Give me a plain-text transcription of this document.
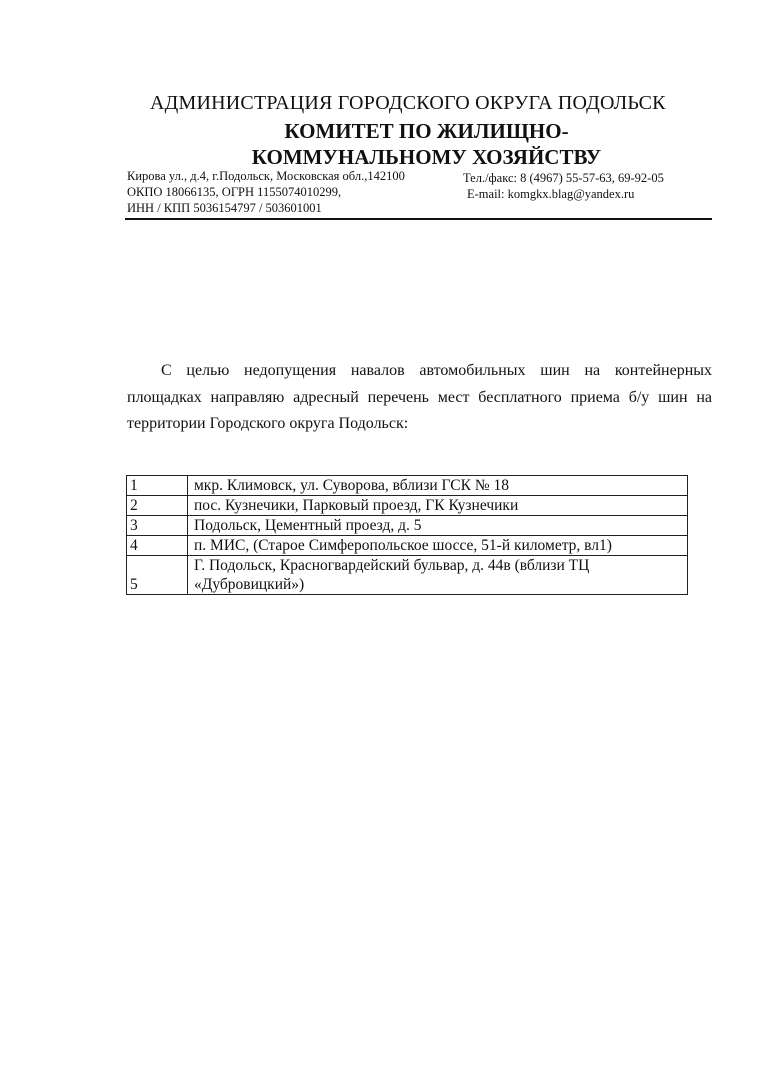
АДМИНИСТРАЦИЯ ГОРОДСКОГО ОКРУГА ПОДОЛЬСК
КОМИТЕТ ПО ЖИЛИЩНО-
КОММУНАЛЬНОМУ ХОЗЯЙСТВУ
Кирова ул., д.4, г.Подольск, Московская обл.,142100
ОКПО 18066135, ОГРН 1155074010299,
ИНН / КПП 5036154797 / 503601001
Тел./факс: 8 (4967) 55-57-63, 69-92-05
E-mail: komgkx.blag@yandex.ru
С целью недопущения навалов автомобильных шин на контейнерных площадках направляю адресный перечень мест бесплатного приема б/у шин на территории Городского округа Подольск:
1	мкр. Климовск, ул. Суворова, вблизи ГСК № 18
2	пос. Кузнечики, Парковый проезд, ГК Кузнечики
3	Подольск, Цементный проезд, д. 5
4	п. МИС, (Старое Симферопольское шоссе, 51-й километр, вл1)
5	Г. Подольск, Красногвардейский бульвар, д. 44в (вблизи ТЦ
«Дубровицкий»)
